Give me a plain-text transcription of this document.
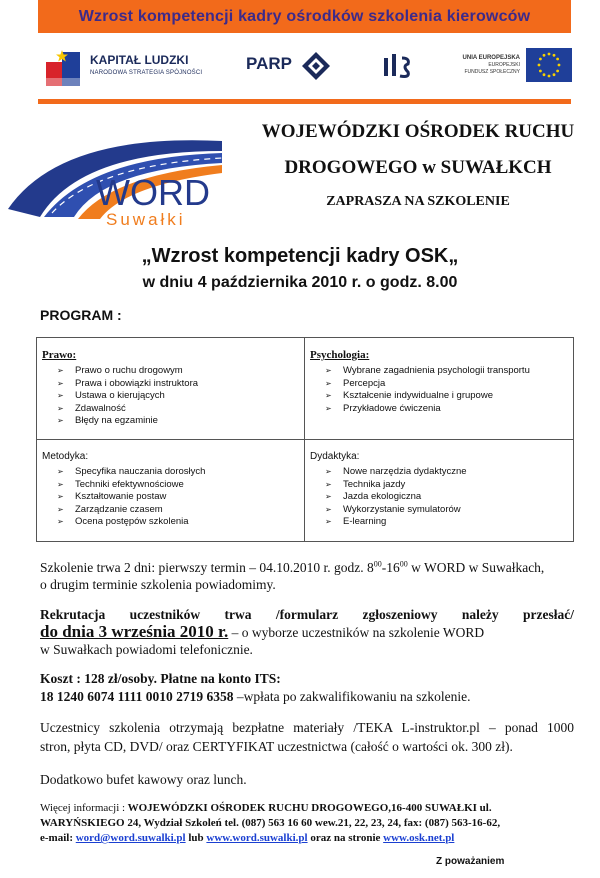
Wzrost kompetencji kadry ośrodków szkolenia kierowców
KAPITAŁ LUDZKI
NARODOWA STRATEGIA SPÓJNOŚCI	PARP	UNIA EUROPEJSKA
EUROPEJSKI
FUNDUSZ SPOŁECZNY
WORD
Suwałki
WOJEWÓDZKI OŚRODEK RUCHU
DROGOWEGO w SUWAŁKCH
ZAPRASZA NA SZKOLENIE
„Wzrost kompetencji kadry OSK„
w dniu 4 października 2010 r. o godz. 8.00
PROGRAM :
Prawo:
➢ Prawo o ruchu drogowym
➢ Prawa i obowiązki instruktora
➢ Ustawa o kierujących
➢ Zdawalność
➢ Błędy na egzaminie
Psychologia:
➢ Wybrane zagadnienia psychologii transportu
➢ Percepcja
➢ Kształcenie indywidualne i grupowe
➢ Przykładowe ćwiczenia
Metodyka:
➢ Specyfika nauczania dorosłych
➢ Techniki efektywnościowe
➢ Kształtowanie postaw
➢ Zarządzanie czasem
➢ Ocena postępów szkolenia
Dydaktyka:
➢ Nowe narzędzia dydaktyczne
➢ Technika jazdy
➢ Jazda ekologiczna
➢ Wykorzystanie symulatorów
➢ E-learning
Szkolenie trwa 2 dni: pierwszy termin – 04.10.2010 r. godz. $8^{00}-16^{00}$ w WORD w Suwałkach,
o drugim terminie szkolenia powiadomimy.
Rekrutacja uczestników trwa /formularz zgłoszeniowy należy przesłać/
do dnia 3 września 2010 r. – o wyborze uczestników na szkolenie WORD
w Suwałkach powiadomi telefonicznie.
Koszt : 128 zł/osoby. Płatne na konto ITS:
18 1240 6074 1111 0010 2719 6358 –wpłata po zakwalifikowaniu na szkolenie.
Uczestnicy szkolenia otrzymają bezpłatne materiały /TEKA L-instruktor.pl – ponad 1000
stron, płyta CD, DVD/ oraz CERTYFIKAT uczestnictwa (całość o wartości ok. 300 zł).
Dodatkowo bufet kawowy oraz lunch.
Więcej informacji : WOJEWÓDZKI OŚRODEK RUCHU DROGOWEGO,16-400 SUWAŁKI ul.
WARYŃSKIEGO 24, Wydział Szkoleń tel. (087) 563 16 60 wew.21, 22, 23, 24, fax: (087) 563-16-62,
e-mail: word@word.suwalki.pl lub www.word.suwalki.pl oraz na stronie www.osk.net.pl
Z poważaniem
